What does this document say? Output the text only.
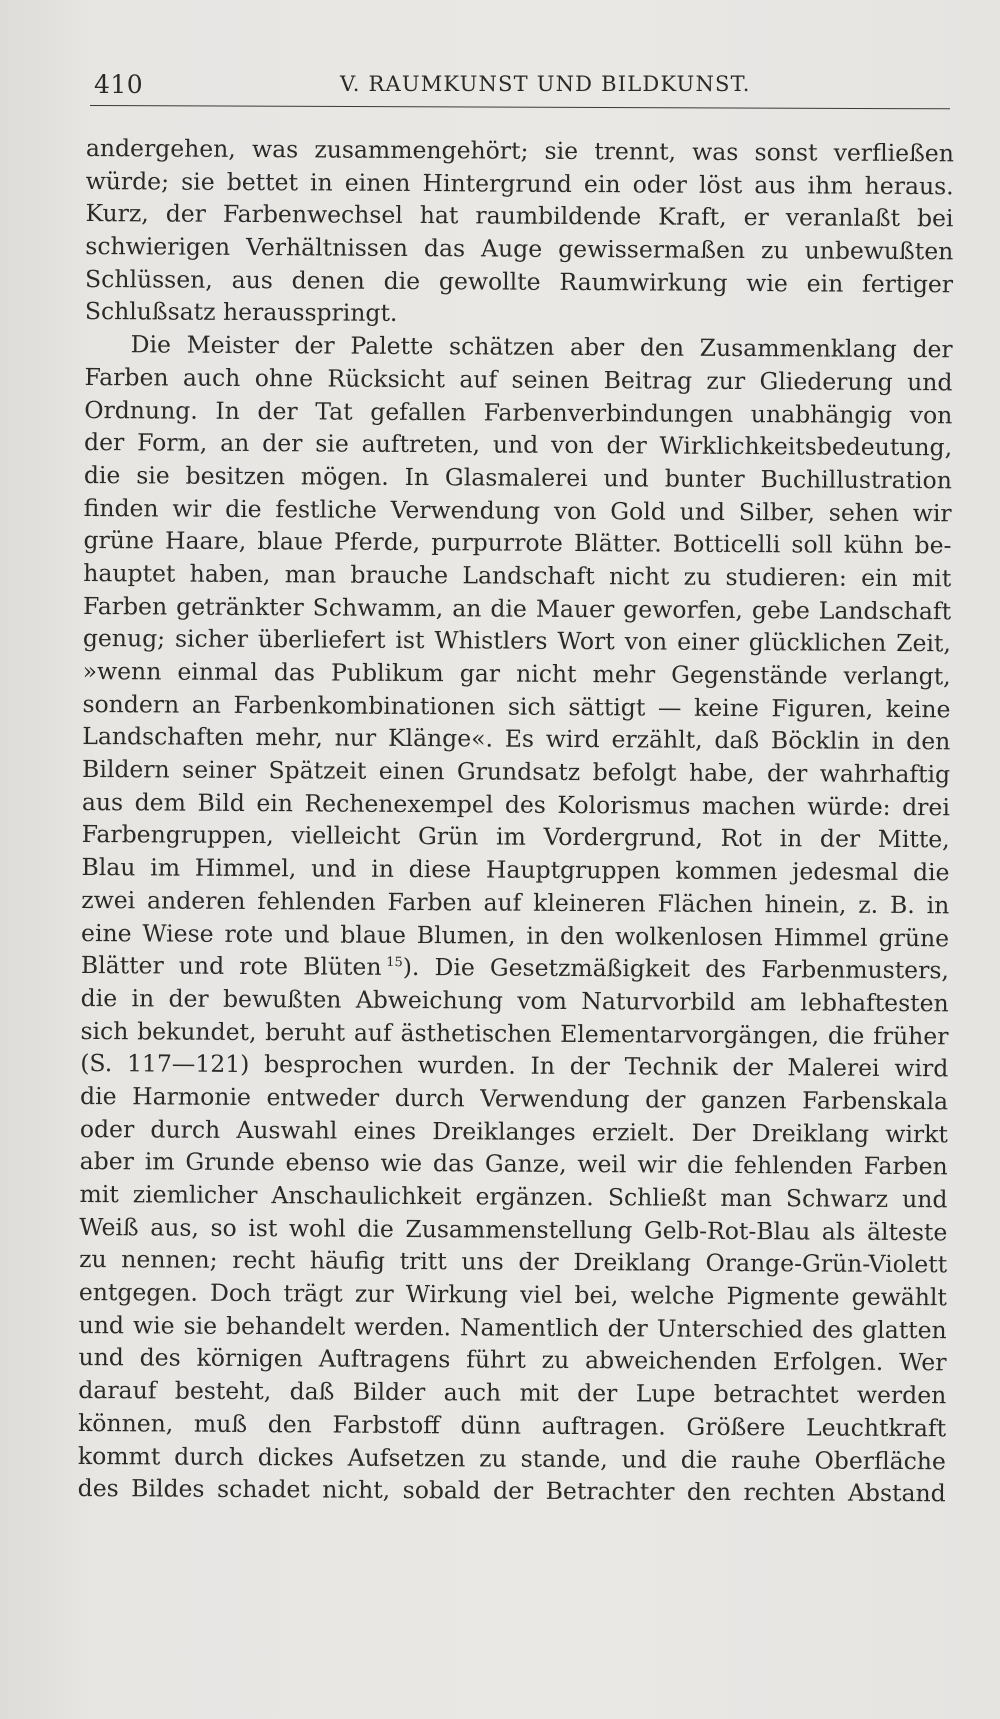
410	V. RAUMKUNST UND BILDKUNST.
andergehen, was zusammengehört; sie trennt, was sonst verfließen
würde; sie bettet in einen Hintergrund ein oder löst aus ihm heraus.
Kurz, der Farbenwechsel hat raumbildende Kraft, er veranlaßt bei
schwierigen Verhältnissen das Auge gewissermaßen zu unbewußten
Schlüssen, aus denen die gewollte Raumwirkung wie ein fertiger
Schlußsatz herausspringt.
Die Meister der Palette schätzen aber den Zusammenklang der
Farben auch ohne Rücksicht auf seinen Beitrag zur Gliederung und
Ordnung. In der Tat gefallen Farbenverbindungen unabhängig von
der Form, an der sie auftreten, und von der Wirklichkeitsbedeutung,
die sie besitzen mögen. In Glasmalerei und bunter Buchillustration
finden wir die festliche Verwendung von Gold und Silber, sehen wir
grüne Haare, blaue Pferde, purpurrote Blätter. Botticelli soll kühn be-
hauptet haben, man brauche Landschaft nicht zu studieren: ein mit
Farben getränkter Schwamm, an die Mauer geworfen, gebe Landschaft
genug; sicher überliefert ist Whistlers Wort von einer glücklichen Zeit,
»wenn einmal das Publikum gar nicht mehr Gegenstände verlangt,
sondern an Farbenkombinationen sich sättigt — keine Figuren, keine
Landschaften mehr, nur Klänge«. Es wird erzählt, daß Böcklin in den
Bildern seiner Spätzeit einen Grundsatz befolgt habe, der wahrhaftig
aus dem Bild ein Rechenexempel des Kolorismus machen würde: drei
Farbengruppen, vielleicht Grün im Vordergrund, Rot in der Mitte,
Blau im Himmel, und in diese Hauptgruppen kommen jedesmal die
zwei anderen fehlenden Farben auf kleineren Flächen hinein, z. B. in
eine Wiese rote und blaue Blumen, in den wolkenlosen Himmel grüne
Blätter und rote Blüten  $^{15}$). Die Gesetzmäßigkeit des Farbenmusters,
die in der bewußten Abweichung vom Naturvorbild am lebhaftesten
sich bekundet, beruht auf ästhetischen Elementarvorgängen, die früher
(S. 117—121) besprochen wurden. In der Technik der Malerei wird
die Harmonie entweder durch Verwendung der ganzen Farbenskala
oder durch Auswahl eines Dreiklanges erzielt. Der Dreiklang wirkt
aber im Grunde ebenso wie das Ganze, weil wir die fehlenden Farben
mit ziemlicher Anschaulichkeit ergänzen. Schließt man Schwarz und
Weiß aus, so ist wohl die Zusammenstellung Gelb-Rot-Blau als älteste
zu nennen; recht häufig tritt uns der Dreiklang Orange-Grün-Violett
entgegen. Doch trägt zur Wirkung viel bei, welche Pigmente gewählt
und wie sie behandelt werden. Namentlich der Unterschied des glatten
und des körnigen Auftragens führt zu abweichenden Erfolgen. Wer
darauf besteht, daß Bilder auch mit der Lupe betrachtet werden
können, muß den Farbstoff dünn auftragen. Größere Leuchtkraft
kommt durch dickes Aufsetzen zu stande, und die rauhe Oberfläche
des Bildes schadet nicht, sobald der Betrachter den rechten Abstand
